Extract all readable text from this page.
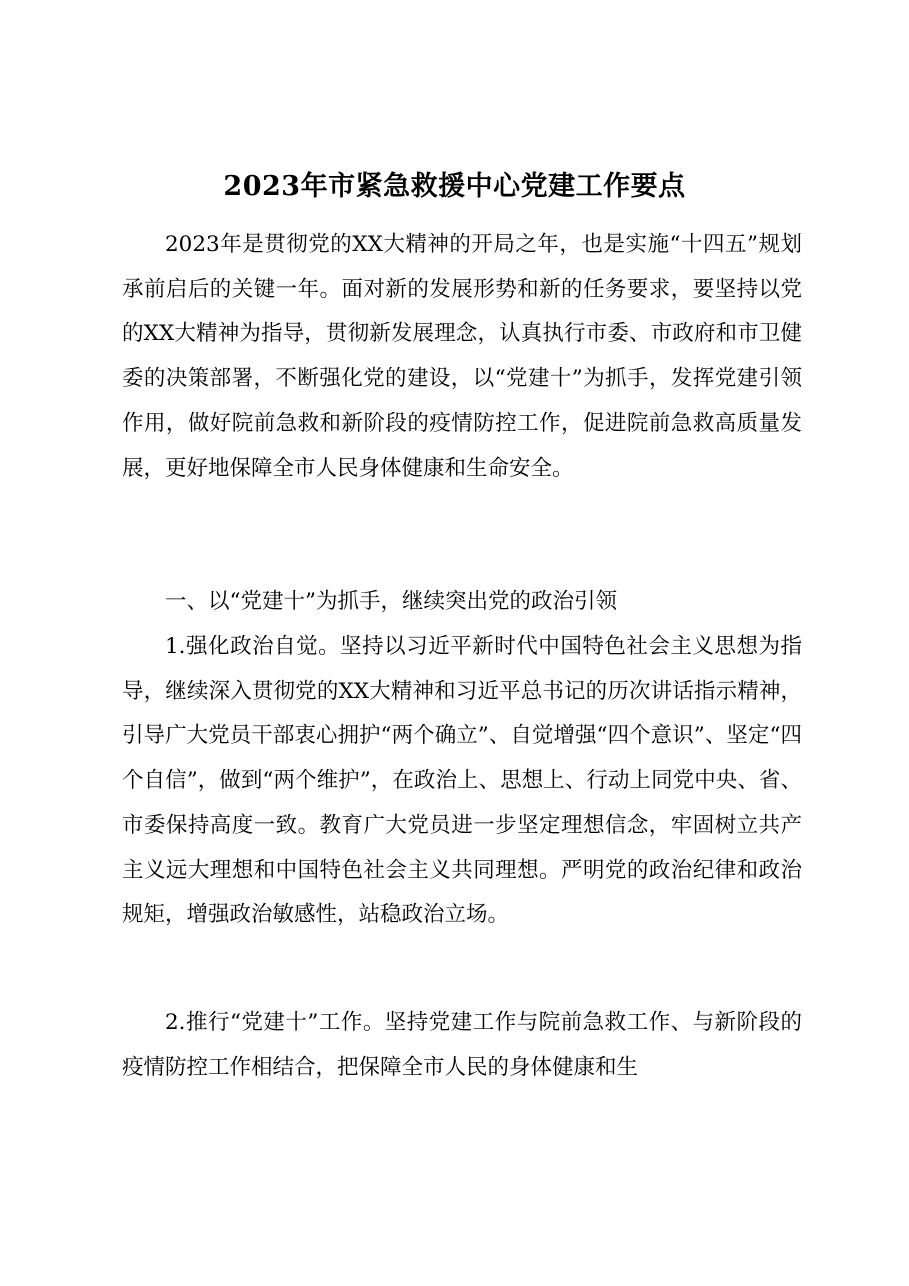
2023年市紧急救援中心党建工作要点

2023年是贯彻党的XX大精神的开局之年，也是实施“十四五”规划承前启后的关键一年。面对新的发展形势和新的任务要求，要坚持以党的XX大精神为指导，贯彻新发展理念，认真执行市委、市政府和市卫健委的决策部署，不断强化党的建设，以“党建十”为抓手，发挥党建引领作用，做好院前急救和新阶段的疫情防控工作，促进院前急救高质量发展，更好地保障全市人民身体健康和生命安全。

一、以“党建十”为抓手，继续突出党的政治引领

1.强化政治自觉。坚持以习近平新时代中国特色社会主义思想为指导，继续深入贯彻党的XX大精神和习近平总书记的历次讲话指示精神，引导广大党员干部衷心拥护“两个确立”、自觉增强“四个意识”、坚定“四个自信”，做到“两个维护”，在政治上、思想上、行动上同党中央、省、市委保持高度一致。教育广大党员进一步坚定理想信念，牢固树立共产主义远大理想和中国特色社会主义共同理想。严明党的政治纪律和政治规矩，增强政治敏感性，站稳政治立场。

2.推行“党建十”工作。坚持党建工作与院前急救工作、与新阶段的疫情防控工作相结合，把保障全市人民的身体健康和生
